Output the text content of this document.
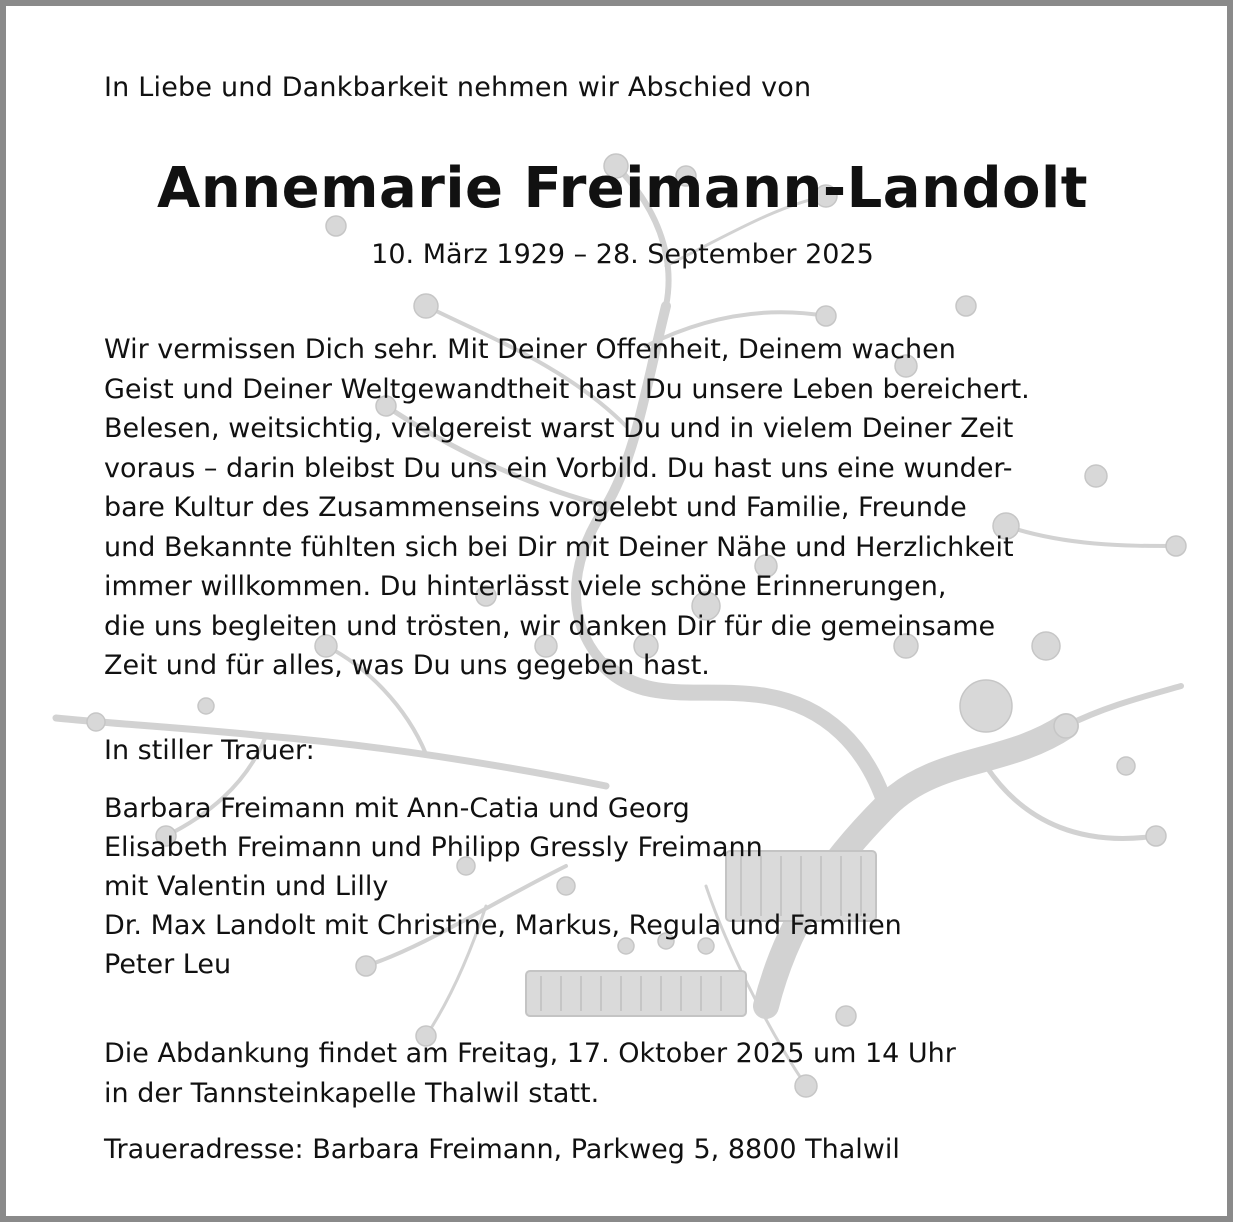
In Liebe und Dankbarkeit nehmen wir Abschied von
Annemarie Freimann-Landolt
10. März 1929 – 28. September 2025
Wir vermissen Dich sehr. Mit Deiner Offenheit, Deinem wachen
Geist und Deiner Weltgewandtheit hast Du unsere Leben bereichert.
Belesen, weitsichtig, vielgereist warst Du und in vielem Deiner Zeit
voraus – darin bleibst Du uns ein Vorbild. Du hast uns eine wunder-
bare Kultur des Zusammenseins vorgelebt und Familie, Freunde
und Bekannte fühlten sich bei Dir mit Deiner Nähe und Herzlichkeit
immer willkommen. Du hinterlässt viele schöne Erinnerungen,
die uns begleiten und trösten, wir danken Dir für die gemeinsame
Zeit und für alles, was Du uns gegeben hast.
In stiller Trauer:
Barbara Freimann mit Ann-Catia und Georg
Elisabeth Freimann und Philipp Gressly Freimann
mit Valentin und Lilly
Dr. Max Landolt mit Christine, Markus, Regula und Familien
Peter Leu
Die Abdankung findet am Freitag, 17. Oktober 2025 um 14 Uhr
in der Tannsteinkapelle Thalwil statt.
Traueradresse: Barbara Freimann, Parkweg 5, 8800 Thalwil
